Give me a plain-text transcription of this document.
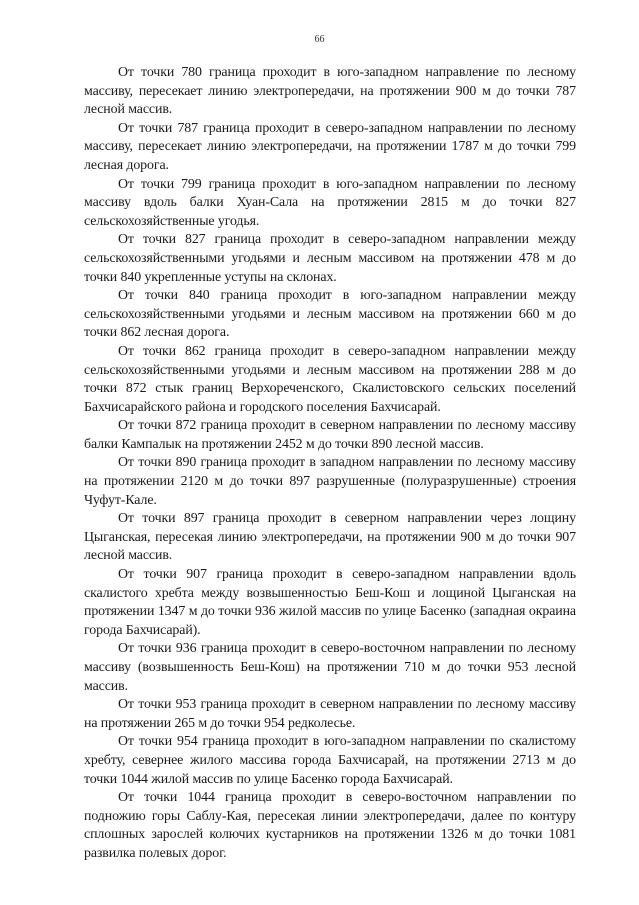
66

От точки 780 граница проходит в юго-западном направление по лесному массиву, пересекает линию электропередачи, на протяжении 900 м до точки 787 лесной массив.

От точки 787 граница проходит в северо-западном направлении по лесному массиву, пересекает линию электропередачи, на протяжении 1787 м до точки 799 лесная дорога.

От точки 799 граница проходит в юго-западном направлении по лесному массиву вдоль балки Хуан-Сала на протяжении 2815 м до точки 827 сельскохозяйственные угодья.

От точки 827 граница проходит в северо-западном направлении между сельскохозяйственными угодьями и лесным массивом на протяжении 478 м до точки 840 укрепленные уступы на склонах.

От точки 840 граница проходит в юго-западном направлении между сельскохозяйственными угодьями и лесным массивом на протяжении 660 м до точки 862 лесная дорога.

От точки 862 граница проходит в северо-западном направлении между сельскохозяйственными угодьями и лесным массивом на протяжении 288 м до точки 872 стык границ Верхореченского, Скалистовского сельских поселений Бахчисарайского района и городского поселения Бахчисарай.

От точки 872 граница проходит в северном направлении по лесному массиву балки Кампалык на протяжении 2452 м до точки 890 лесной массив.

От точки 890 граница проходит в западном направлении по лесному массиву на протяжении 2120 м до точки 897 разрушенные (полуразрушенные) строения Чуфут-Кале.

От точки 897 граница проходит в северном направлении через лощину Цыганская, пересекая линию электропередачи, на протяжении 900 м до точки 907 лесной массив.

От точки 907 граница проходит в северо-западном направлении вдоль скалистого хребта между возвышенностью Беш-Кош и лощиной Цыганская на протяжении 1347 м до точки 936 жилой массив по улице Басенко (западная окраина города Бахчисарай).

От точки 936 граница проходит в северо-восточном направлении по лесному массиву (возвышенность Беш-Кош) на протяжении 710 м до точки 953 лесной массив.

От точки 953 граница проходит в северном направлении по лесному массиву на протяжении 265 м до точки 954 редколесье.

От точки 954 граница проходит в юго-западном направлении по скалистому хребту, севернее жилого массива города Бахчисарай, на протяжении 2713 м до точки 1044 жилой массив по улице Басенко города Бахчисарай.

От точки 1044 граница проходит в северо-восточном направлении по подножию горы Саблу-Кая, пересекая линии электропередачи, далее по контуру сплошных зарослей колючих кустарников на протяжении 1326 м до точки 1081 развилка полевых дорог.
